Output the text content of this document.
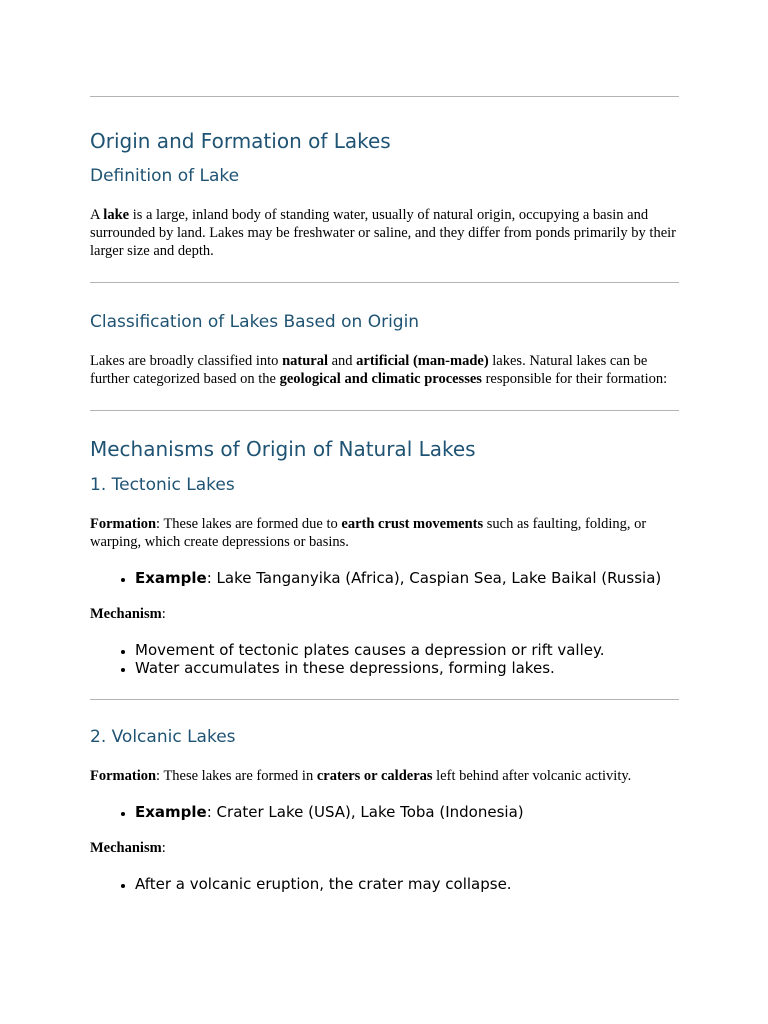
Origin and Formation of Lakes
Definition of Lake

A lake is a large, inland body of standing water, usually of natural origin, occupying a basin and surrounded by land. Lakes may be freshwater or saline, and they differ from ponds primarily by their larger size and depth.

Classification of Lakes Based on Origin

Lakes are broadly classified into natural and artificial (man-made) lakes. Natural lakes can be further categorized based on the geological and climatic processes responsible for their formation:

Mechanisms of Origin of Natural Lakes
1. Tectonic Lakes

Formation: These lakes are formed due to earth crust movements such as faulting, folding, or warping, which create depressions or basins.

• Example: Lake Tanganyika (Africa), Caspian Sea, Lake Baikal (Russia)

Mechanism:

• Movement of tectonic plates causes a depression or rift valley.
• Water accumulates in these depressions, forming lakes.
2. Volcanic Lakes

Formation: These lakes are formed in craters or calderas left behind after volcanic activity.

• Example: Crater Lake (USA), Lake Toba (Indonesia)

Mechanism:

• After a volcanic eruption, the crater may collapse.
